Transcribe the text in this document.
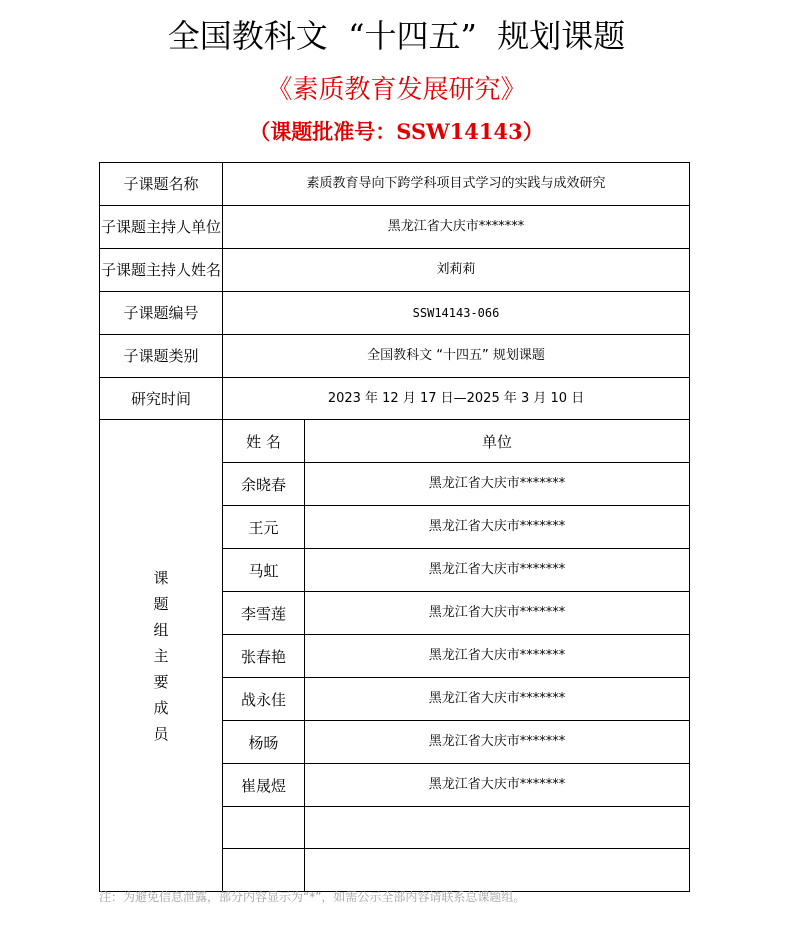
全国教科文  “十四五”  规划课题
《素质教育发展研究》
（课题批准号：SSW14143）
子课题名称	素质教育导向下跨学科项目式学习的实践与成效研究	
子课题主持人单位	黑龙江省大庆市*******	
子课题主持人姓名	刘莉莉	
子课题编号	SSW14143-066	
子课题类别	全国教科文 “十四五” 规划课题	
研究时间	2023 年 12 月 17 日—2025 年 3 月 10 日	

课题组主要成员	姓 名	单位
	余晓春	黑龙江省大庆市*******
	王元	黑龙江省大庆市*******
	马虹	黑龙江省大庆市*******
	李雪莲	黑龙江省大庆市*******
	张春艳	黑龙江省大庆市*******
	战永佳	黑龙江省大庆市*******
	杨旸	黑龙江省大庆市*******
	崔晟煜	黑龙江省大庆市*******

注：为避免信息泄露，部分内容显示为“*”，如需公示全部内容请联系总课题组。
